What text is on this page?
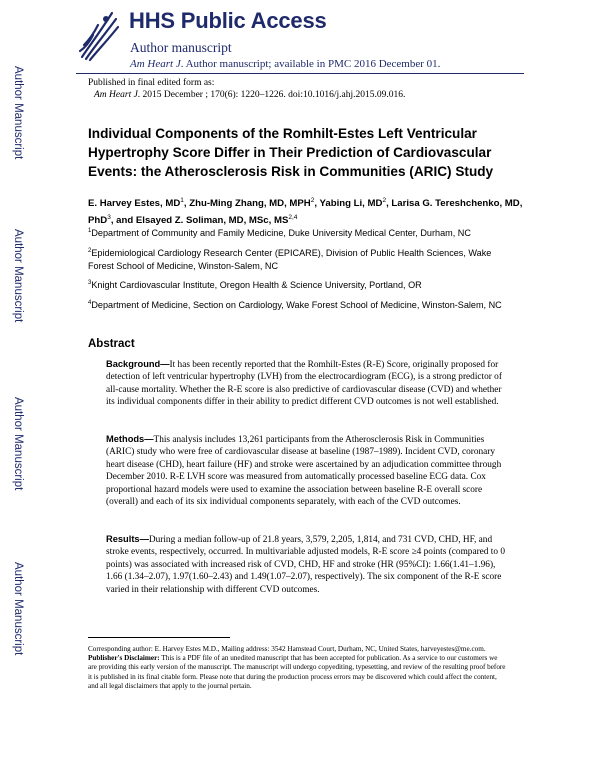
HHS Public Access
Author manuscript
Am Heart J. Author manuscript; available in PMC 2016 December 01.
Author Manuscript
Author Manuscript
Author Manuscript
Author Manuscript
Published in final edited form as:
Am Heart J. 2015 December ; 170(6): 1220–1226. doi:10.1016/j.ahj.2015.09.016.
Individual Components of the Romhilt-Estes Left Ventricular Hypertrophy Score Differ in Their Prediction of Cardiovascular Events: the Atherosclerosis Risk in Communities (ARIC) Study
E. Harvey Estes, $MD^1$, Zhu-Ming Zhang, MD, MPH$^2$, Yabing Li, $MD^2$, Larisa G. Tereshchenko, MD, PhD$^3$, and Elsayed Z. Soliman, MD, MSc, MS$^{2,4}$
$^1$Department of Community and Family Medicine, Duke University Medical Center, Durham, NC
$^2$Epidemiological Cardiology Research Center (EPICARE), Division of Public Health Sciences, Wake Forest School of Medicine, Winston-Salem, NC
$^3$Knight Cardiovascular Institute, Oregon Health & Science University, Portland, OR
$^4$Department of Medicine, Section on Cardiology, Wake Forest School of Medicine, Winston-Salem, NC
Abstract
Background—It has been recently reported that the Romhilt-Estes (R-E) Score, originally proposed for detection of left ventricular hypertrophy (LVH) from the electrocardiogram (ECG), is a strong predictor of all-cause mortality. Whether the R-E score is also predictive of cardiovascular disease (CVD) and whether its individual components differ in their ability to predict different CVD outcomes is not well established.
Methods—This analysis includes 13,261 participants from the Atherosclerosis Risk in Communities (ARIC) study who were free of cardiovascular disease at baseline (1987–1989). Incident CVD, coronary heart disease (CHD), heart failure (HF) and stroke were ascertained by an adjudication committee through December 2010. R-E LVH score was measured from automatically processed baseline ECG data. Cox proportional hazard models were used to examine the association between baseline R-E overall score (overall) and each of its six individual components separately, with each of the CVD outcomes.
Results—During a median follow-up of 21.8 years, 3,579, 2,205, 1,814, and 731 CVD, CHD, HF, and stroke events, respectively, occurred. In multivariable adjusted models, R-E score ≥4 points (compared to 0 points) was associated with increased risk of CVD, CHD, HF and stroke (HR (95%CI): 1.66(1.41–1.96), 1.66 (1.34–2.07), 1.97(1.60–2.43) and 1.49(1.07–2.07), respectively). The six component of the R-E score varied in their relationship with different CVD outcomes.
Corresponding author: E. Harvey Estes M.D., Mailing address: 3542 Hamstead Court, Durham, NC, United States, harveyestes@me.com.
Publisher's Disclaimer: This is a PDF file of an unedited manuscript that has been accepted for publication. As a service to our customers we are providing this early version of the manuscript. The manuscript will undergo copyediting, typesetting, and review of the resulting proof before it is published in its final citable form. Please note that during the production process errors may be discovered which could affect the content, and all legal disclaimers that apply to the journal pertain.
